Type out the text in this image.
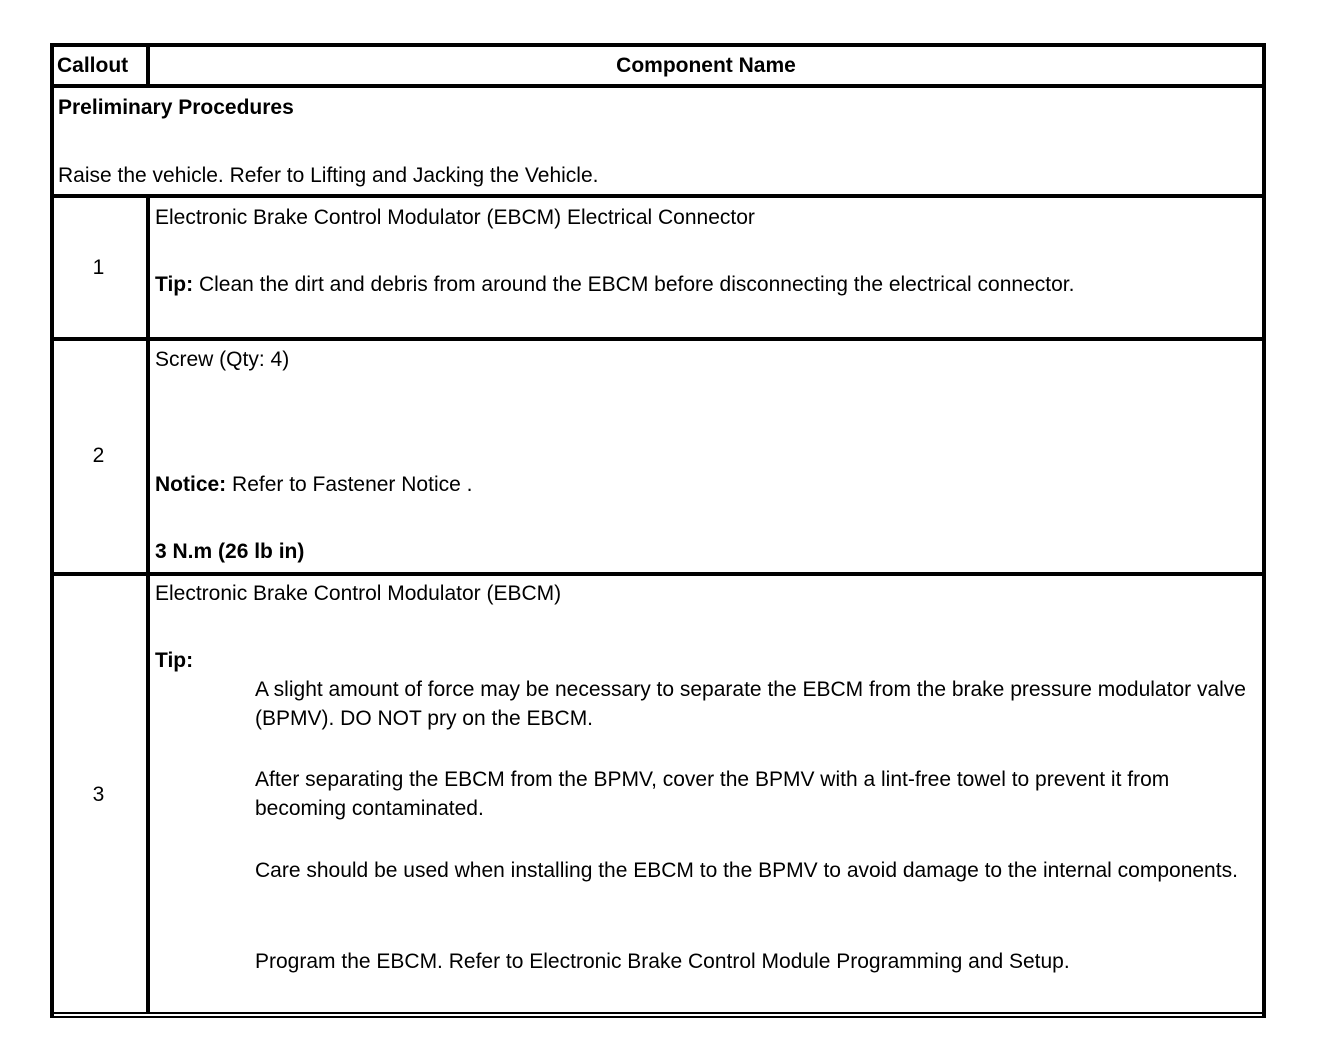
Callout	Component Name
Preliminary Procedures
Raise the vehicle. Refer to Lifting and Jacking the Vehicle.
1
Electronic Brake Control Modulator (EBCM) Electrical Connector
Tip: Clean the dirt and debris from around the EBCM before disconnecting the electrical connector.
2
Screw (Qty: 4)
Notice: Refer to Fastener Notice .
3 N.m (26 lb in)
3
Electronic Brake Control Modulator (EBCM)
Tip:
A slight amount of force may be necessary to separate the EBCM from the brake pressure modulator valve (BPMV). DO NOT pry on the EBCM.
After separating the EBCM from the BPMV, cover the BPMV with a lint-free towel to prevent it from becoming contaminated.
Care should be used when installing the EBCM to the BPMV to avoid damage to the internal components.
Program the EBCM. Refer to Electronic Brake Control Module Programming and Setup.
